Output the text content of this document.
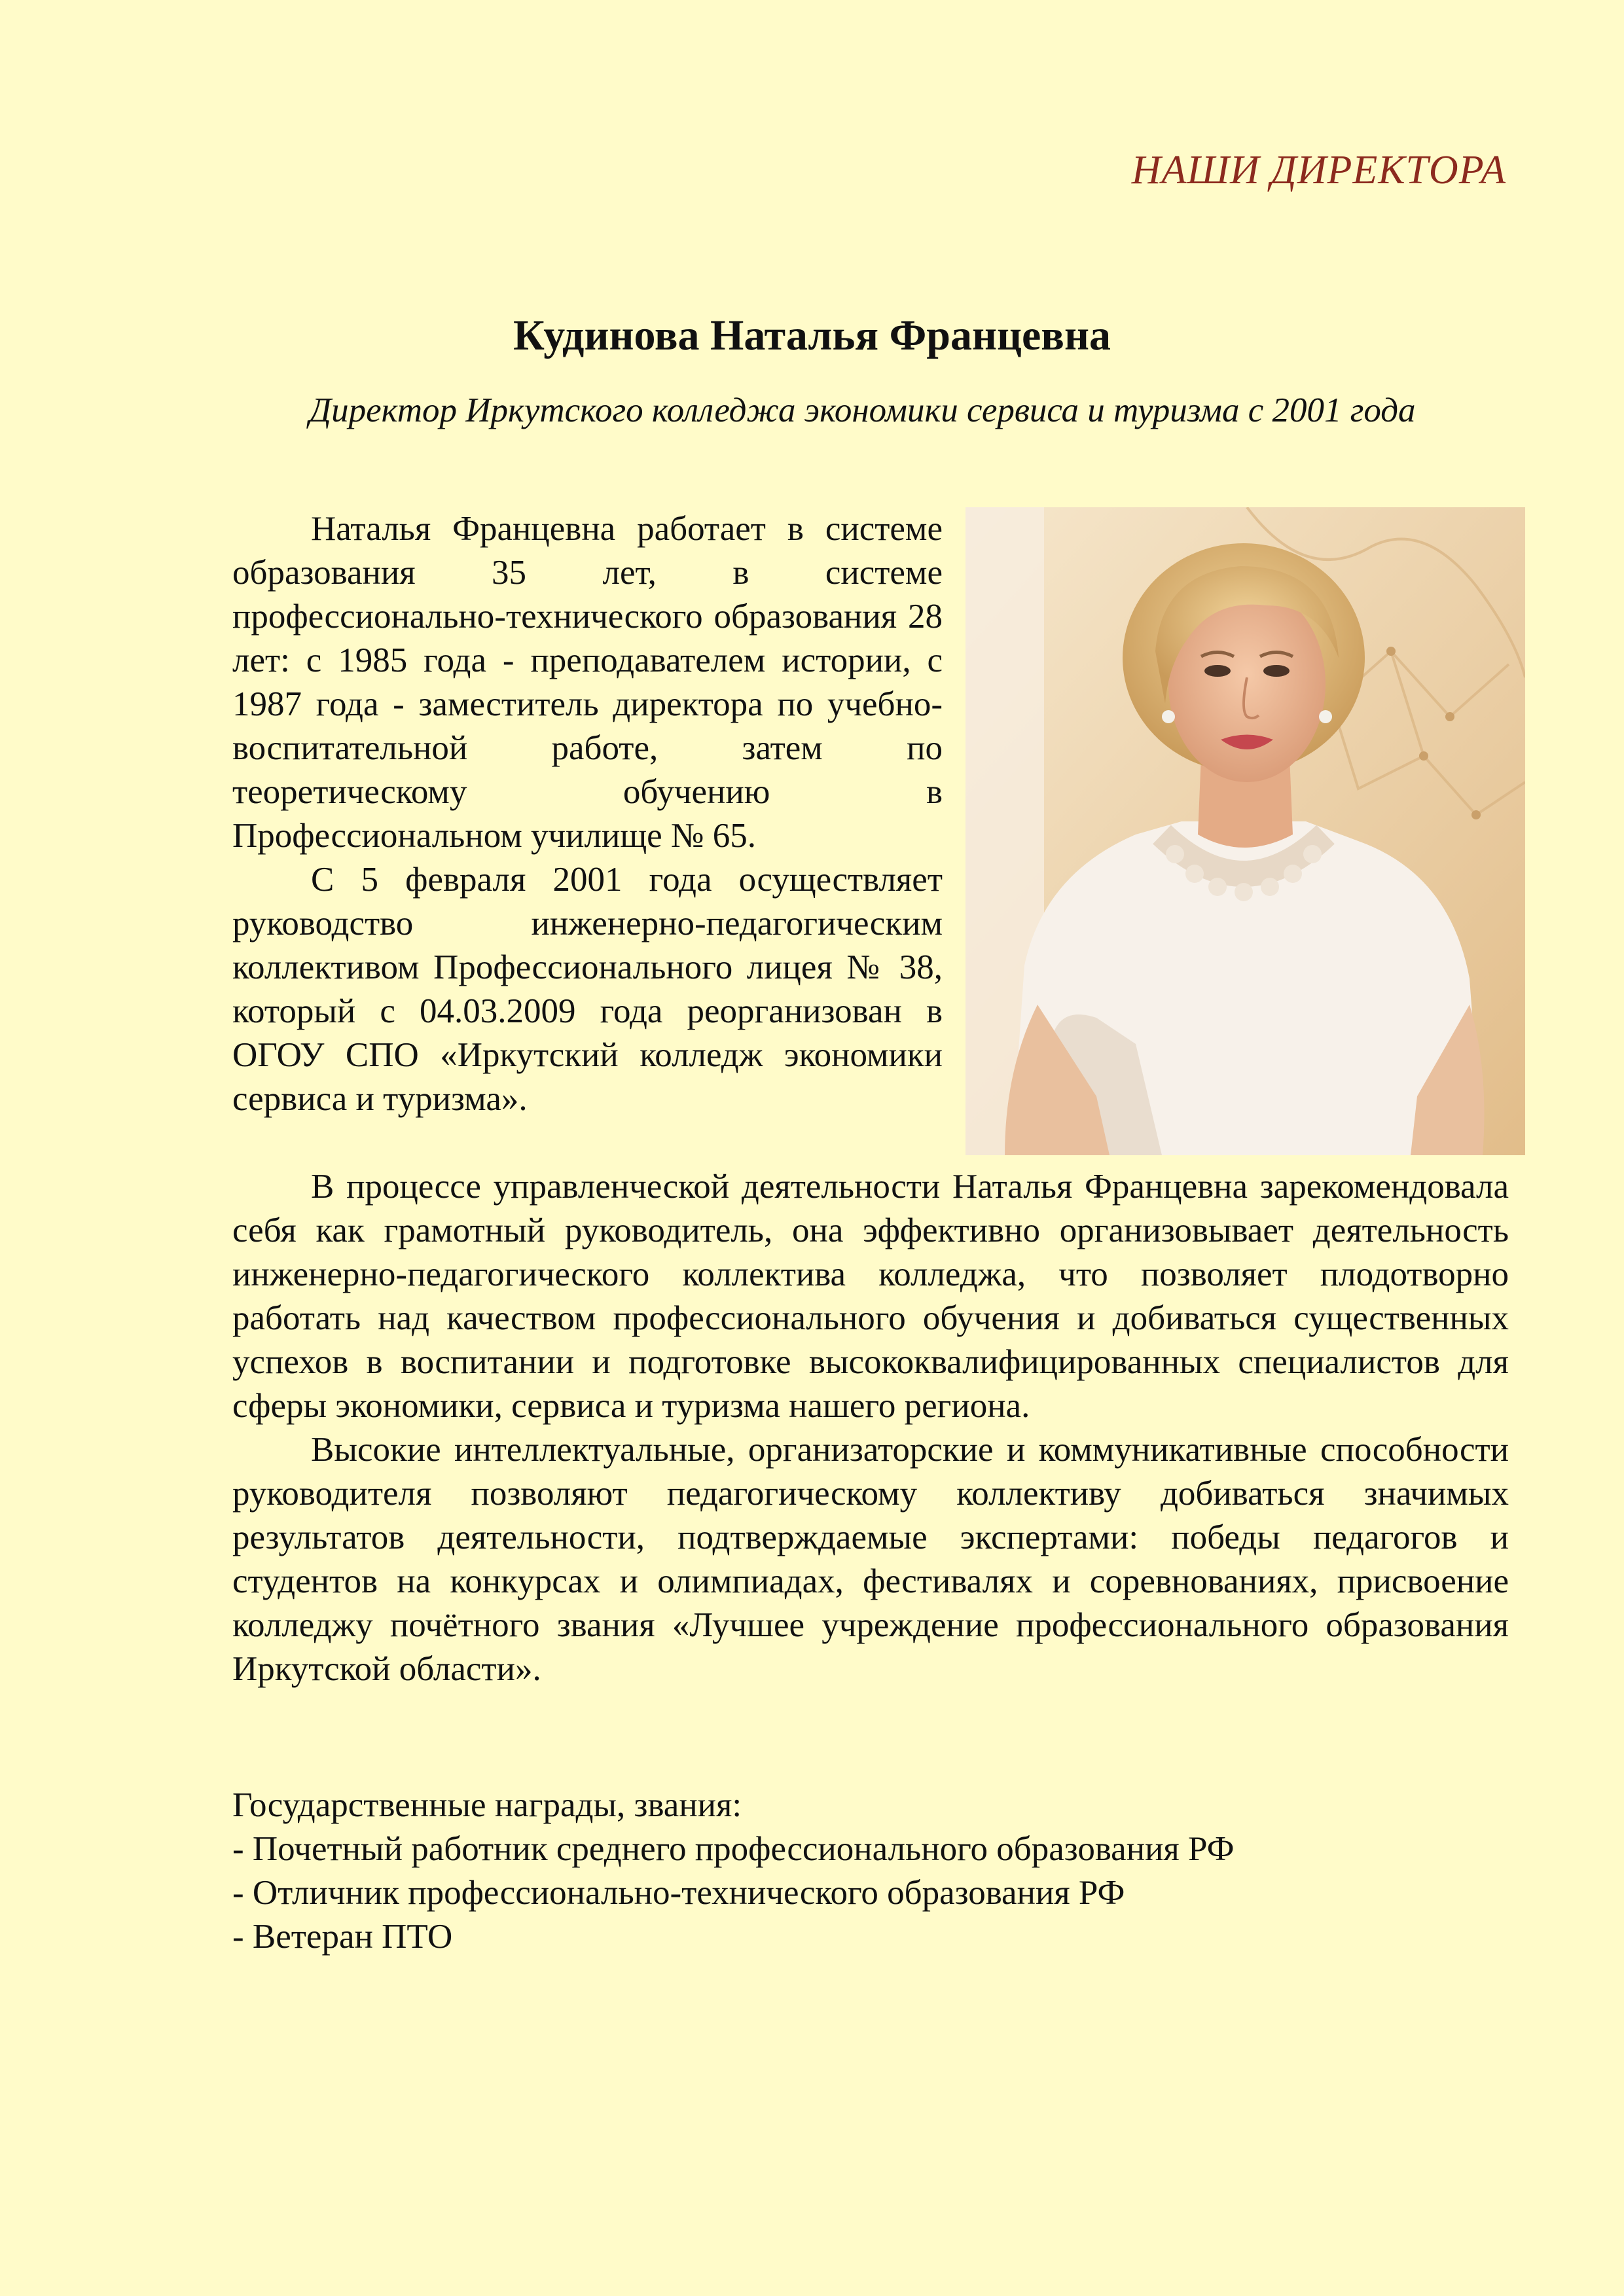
НАШИ ДИРЕКТОРА
Кудинова Наталья Францевна
Директор Иркутского колледжа экономики сервиса и туризма с 2001 года

Наталья Францевна работает в системе образования 35 лет, в системе профессионально-технического образования 28 лет: с 1985 года - преподавателем истории, с 1987 года - заместитель директора по учебно-воспитательной работе, затем по теоретическому обучению в Профессиональном училище № 65.

С 5 февраля 2001 года осуществляет руководство инженерно-педагогическим коллективом Профессионального лицея № 38, который с 04.03.2009 года реорганизован в ОГОУ СПО «Иркутский колледж экономики сервиса и туризма».

В процессе управленческой деятельности Наталья Францевна зарекомендовала себя как грамотный руководитель, она эффективно организовывает деятельность инженерно-педагогического коллектива колледжа, что позволяет плодотворно работать над качеством профессионального обучения и добиваться существенных успехов в воспитании и подготовке высококвалифицированных специалистов для сферы экономики, сервиса и туризма нашего региона.

Высокие интеллектуальные, организаторские и коммуникативные способности руководителя позволяют педагогическому коллективу добиваться значимых результатов деятельности, подтверждаемые экспертами: победы педагогов и студентов на конкурсах и олимпиадах, фестивалях и соревнованиях, присвоение колледжу почётного звания «Лучшее учреждение профессионального образования Иркутской области».

Государственные награды, звания:
- Почетный работник среднего профессионального образования РФ
- Отличник профессионально-технического образования РФ
- Ветеран ПТО
